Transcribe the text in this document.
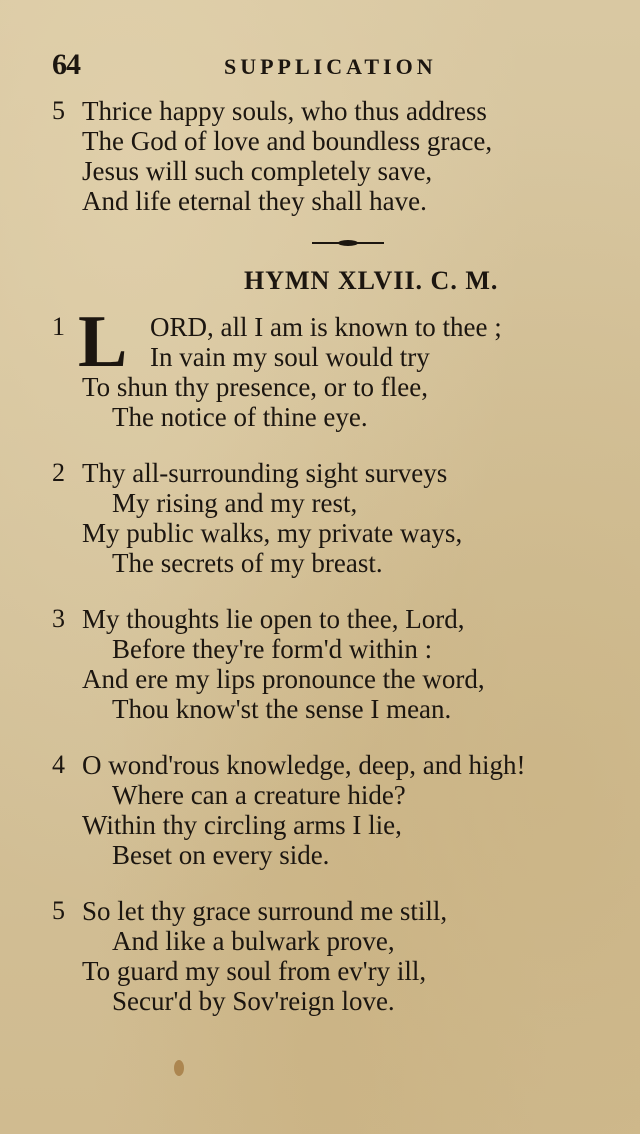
64	SUPPLICATION
5 Thrice happy souls, who thus address
The God of love and boundless grace,
Jesus will such completely save,
And life eternal they shall have.
HYMN XLVII. C. M.
L
1	ORD, all I am is known to thee ;
In vain my soul would try
To shun thy presence, or to flee,
The notice of thine eye.
2 Thy all-surrounding sight surveys
My rising and my rest,
My public walks, my private ways,
The secrets of my breast.
3 My thoughts lie open to thee, Lord,
Before they're form'd within :
And ere my lips pronounce the word,
Thou know'st the sense I mean.
4 O wond'rous knowledge, deep, and high!
Where can a creature hide?
Within thy circling arms I lie,
Beset on every side.
5 So let thy grace surround me still,
And like a bulwark prove,
To guard my soul from ev'ry ill,
Secur'd by Sov'reign love.
